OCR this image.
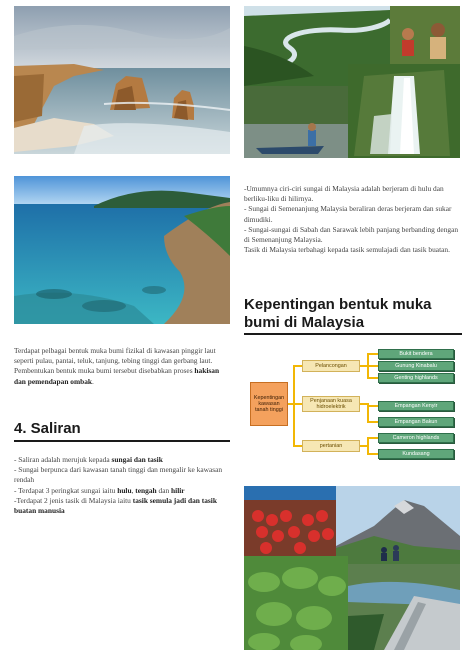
-Umumnya ciri-ciri sungai di Malaysia adalah berjeram di hulu dan berliku-liku di hilirnya.

- Sungai di Semenanjung Malaysia beraliran deras berjeram dan sukar dimudiki.

- Sungai-sungai di Sabah dan Sarawak lebih panjang berbanding dengan di Semenanjung Malaysia.

Tasik di Malaysia terbahagi kepada tasik semulajadi dan tasik buatan.

Kepentingan bentuk muka bumi di Malaysia

Terdapat pelbagai bentuk muka bumi fizikal di kawasan pinggir laut seperti pulau, pantai, teluk, tanjung, tebing tinggi dan gerbang laut.

Pembentukan bentuk muka bumi tersebut disebabkan proses hakisan dan pemendapan ombak.

4. Saliran

- Saliran adalah merujuk kepada sungai dan tasik

- Sungai berpunca dari kawasan tanah tinggi dan mengalir ke kawasan rendah

- Terdapat 3 peringkat sungai iaitu hulu, tengah dan hilir

-Terdapat 2 jenis tasik di Malaysia iaitu tasik semula jadi dan tasik buatan manusia

Kepentingan kawasan tanah tinggi
Pelancongan
Penjanaan kuasa hidroelektrik
pertanian
Bukit bendera
Gunung Kinabalu
Genting highlands
Empangan Kenyir
Empangan Bakun
Cameron highlands
Kundasang
